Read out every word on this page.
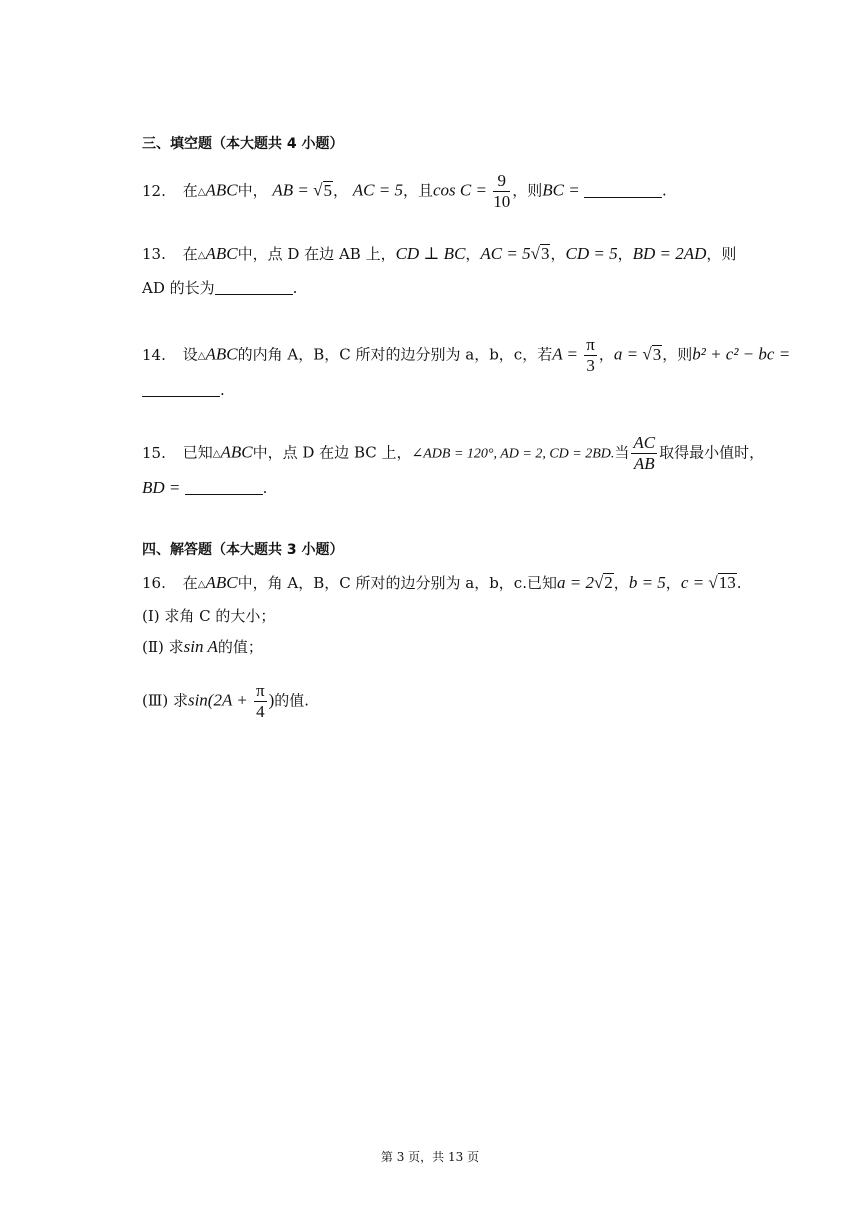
三、填空题（本大题共 4 小题）
12. 在△ABC中， AB = √5， AC = 5，且$\cos C = \frac{9}{10}$ ，则BC =	.
13. 在△ABC中，点 D 在边 AB 上，CD ⊥ BC，AC = 5√3，CD = 5，BD = 2AD，则
AD 的长为	.
14. 设△ABC的内角 A，B，C 所对的边分别为 a，b，c，若$A = \frac{\pi}{3}$ ，a = √3，则b² + c² − bc =
.
15. 已知△ABC中，点 D 在边 BC 上，∠ADB = 120°, AD = 2, CD = 2BD.当 $\frac{AC}{AB}$ 取得最小值时，
BD =	.
四、解答题（本大题共 3 小题）
16. 在△ABC中，角 A，B，C 所对的边分别为 a，b，c.已知a = 2√2，b = 5，c = √13.
(Ⅰ) 求角 C 的大小；
(Ⅱ) 求sin A的值；
(Ⅲ) 求$\sin(2A + \frac{\pi}{4}$ )的值.
第 3 页，共 13 页
